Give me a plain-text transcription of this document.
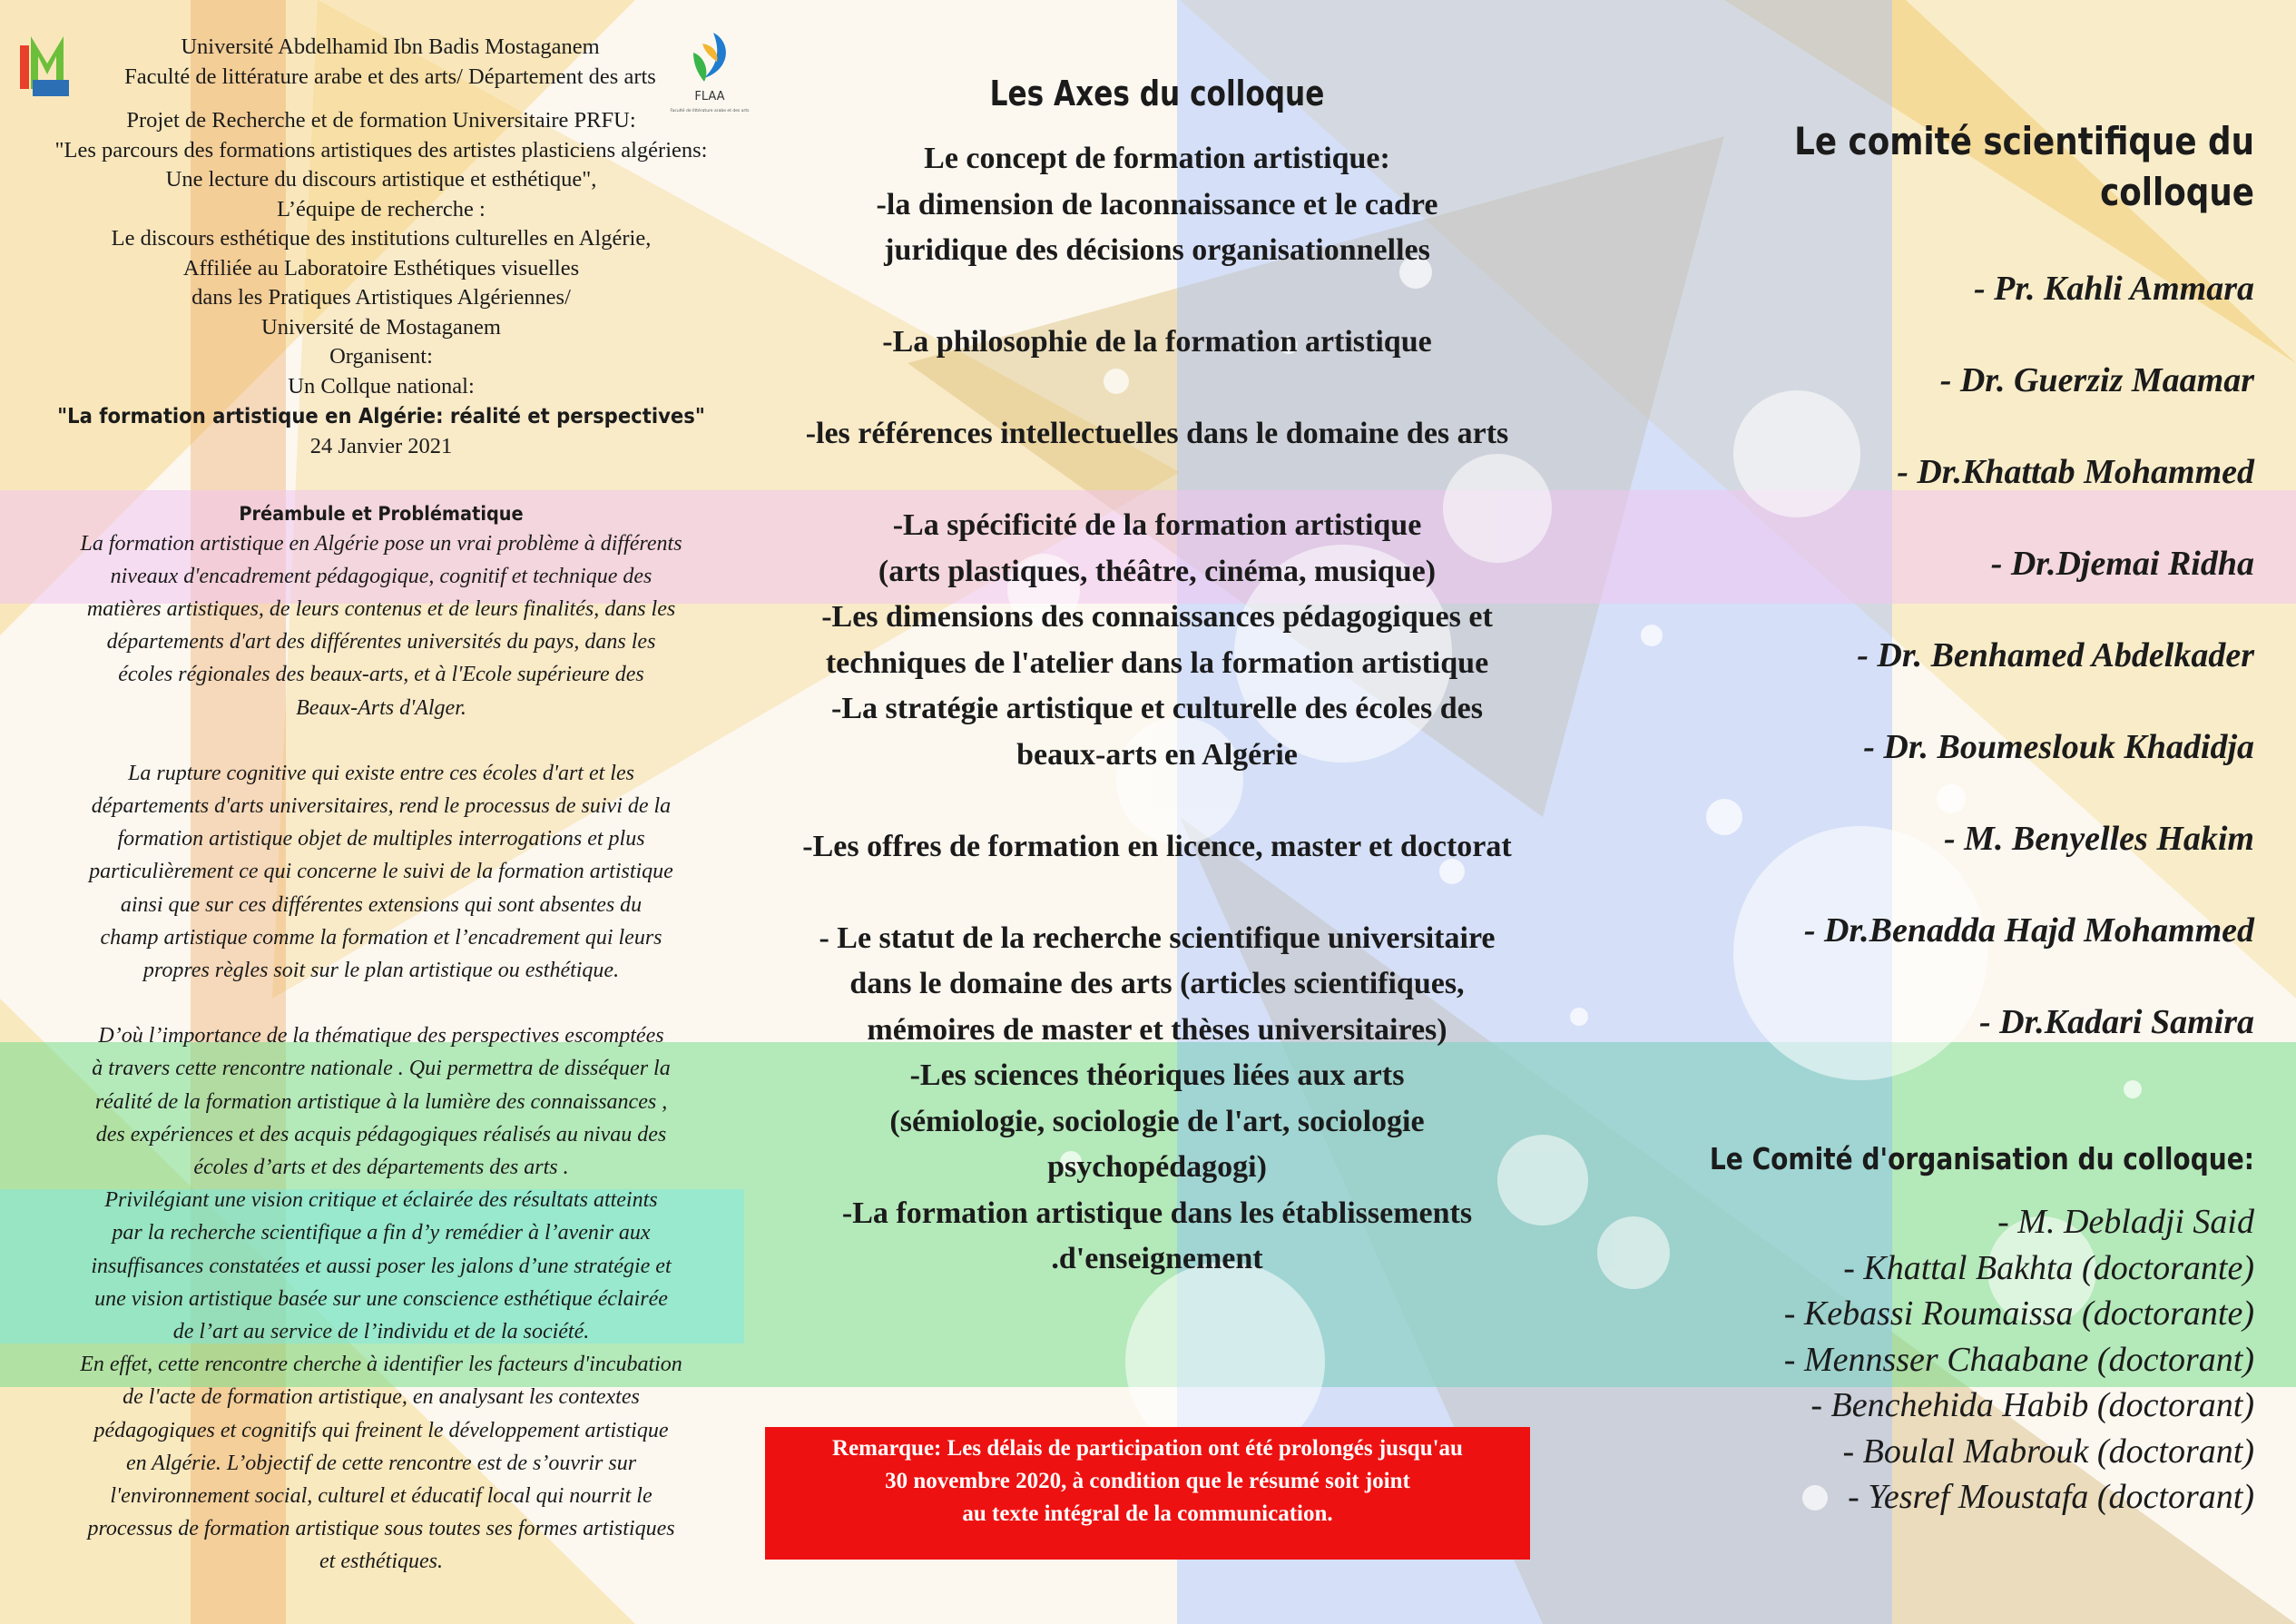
FLAA
Faculté de littérature arabe et des arts

Université Abdelhamid Ibn Badis Mostaganem

Faculté de littérature arabe et des arts/ Département des arts

Projet de Recherche et de formation Universitaire PRFU:

"Les parcours des formations artistiques des artistes plasticiens algériens:

Une lecture du discours artistique et esthétique",

L’équipe de recherche :

Le discours esthétique des institutions culturelles en Algérie,

Affiliée au Laboratoire Esthétiques visuelles

dans les Pratiques Artistiques Algériennes/

Université de Mostaganem

Organisent:

Un Collque national:

"La formation artistique en Algérie: réalité et perspectives"

24 Janvier 2021

Préambule et Problématique

La formation artistique en Algérie pose un vrai problème à différents

niveaux d'encadrement pédagogique, cognitif et technique des

matières artistiques, de leurs contenus et de leurs finalités, dans les

départements d'art des différentes universités du pays, dans les

écoles régionales des beaux-arts, et à l'Ecole supérieure des

Beaux-Arts d'Alger.

La rupture cognitive qui existe entre ces écoles d'art et les

départements d'arts universitaires, rend le processus de suivi de la

formation artistique objet de multiples interrogations et plus

particulièrement ce qui concerne le suivi de la formation artistique

ainsi que sur ces différentes extensions qui sont absentes du

champ artistique comme la formation et l’encadrement qui leurs

propres règles soit sur le plan artistique ou esthétique.

D’où l’importance de la thématique des perspectives escomptées

à travers cette rencontre nationale . Qui permettra de disséquer la

réalité de la formation artistique à la lumière des connaissances ,

des expériences et des acquis pédagogiques réalisés au nivau des

écoles d’arts et des départements des arts .

Privilégiant une vision critique et éclairée des résultats atteints

par la recherche scientifique a fin d’y remédier à l’avenir aux

insuffisances constatées et aussi poser les jalons d’une stratégie et

une vision artistique basée sur une conscience esthétique éclairée

de l’art au service de l’individu et de la société.

En effet, cette rencontre cherche à identifier les facteurs d'incubation

de l'acte de formation artistique, en analysant les contextes

pédagogiques et cognitifs qui freinent le développement artistique

en Algérie. L’objectif de cette rencontre est de s’ouvrir sur

l'environnement social, culturel et éducatif local qui nourrit le

processus de formation artistique sous toutes ses formes artistiques

et esthétiques.

Les Axes du colloque

Le concept de formation artistique:

-la dimension de laconnaissance et le cadre

juridique des décisions organisationnelles

-La philosophie de la formation artistique

-les références intellectuelles dans le domaine des arts

-La spécificité de la formation artistique

(arts plastiques, théâtre, cinéma, musique)

-Les dimensions des connaissances pédagogiques et

techniques de l'atelier dans la formation artistique

-La stratégie artistique et culturelle des écoles des

beaux-arts en Algérie

-Les offres de formation en licence, master et doctorat

- Le statut de la recherche scientifique universitaire

dans le domaine des arts (articles scientifiques,

mémoires de master et thèses universitaires)

-Les sciences théoriques liées aux arts

(sémiologie, sociologie de l'art, sociologie

psychopédagogi)

-La formation artistique dans les établissements

.d'enseignement

Remarque: Les délais de participation ont été prolongés jusqu'au
30 novembre 2020, à condition que le résumé soit joint
au texte intégral de la communication.
Le comité scientifique du colloque

- Pr. Kahli Ammara

- Dr. Guerziz Maamar

- Dr.Khattab Mohammed

- Dr.Djemai Ridha

- Dr. Benhamed Abdelkader

- Dr. Boumeslouk Khadidja

- M. Benyelles Hakim

- Dr.Benadda Hajd Mohammed

- Dr.Kadari Samira

Le Comité d'organisation du colloque:

- M. Debladji Said

- Khattal Bakhta (doctorante)

- Kebassi Roumaissa (doctorante)

- Mennsser Chaabane (doctorant)

- Benchehida Habib (doctorant)

- Boulal Mabrouk (doctorant)

- Yesref Moustafa (doctorant)
